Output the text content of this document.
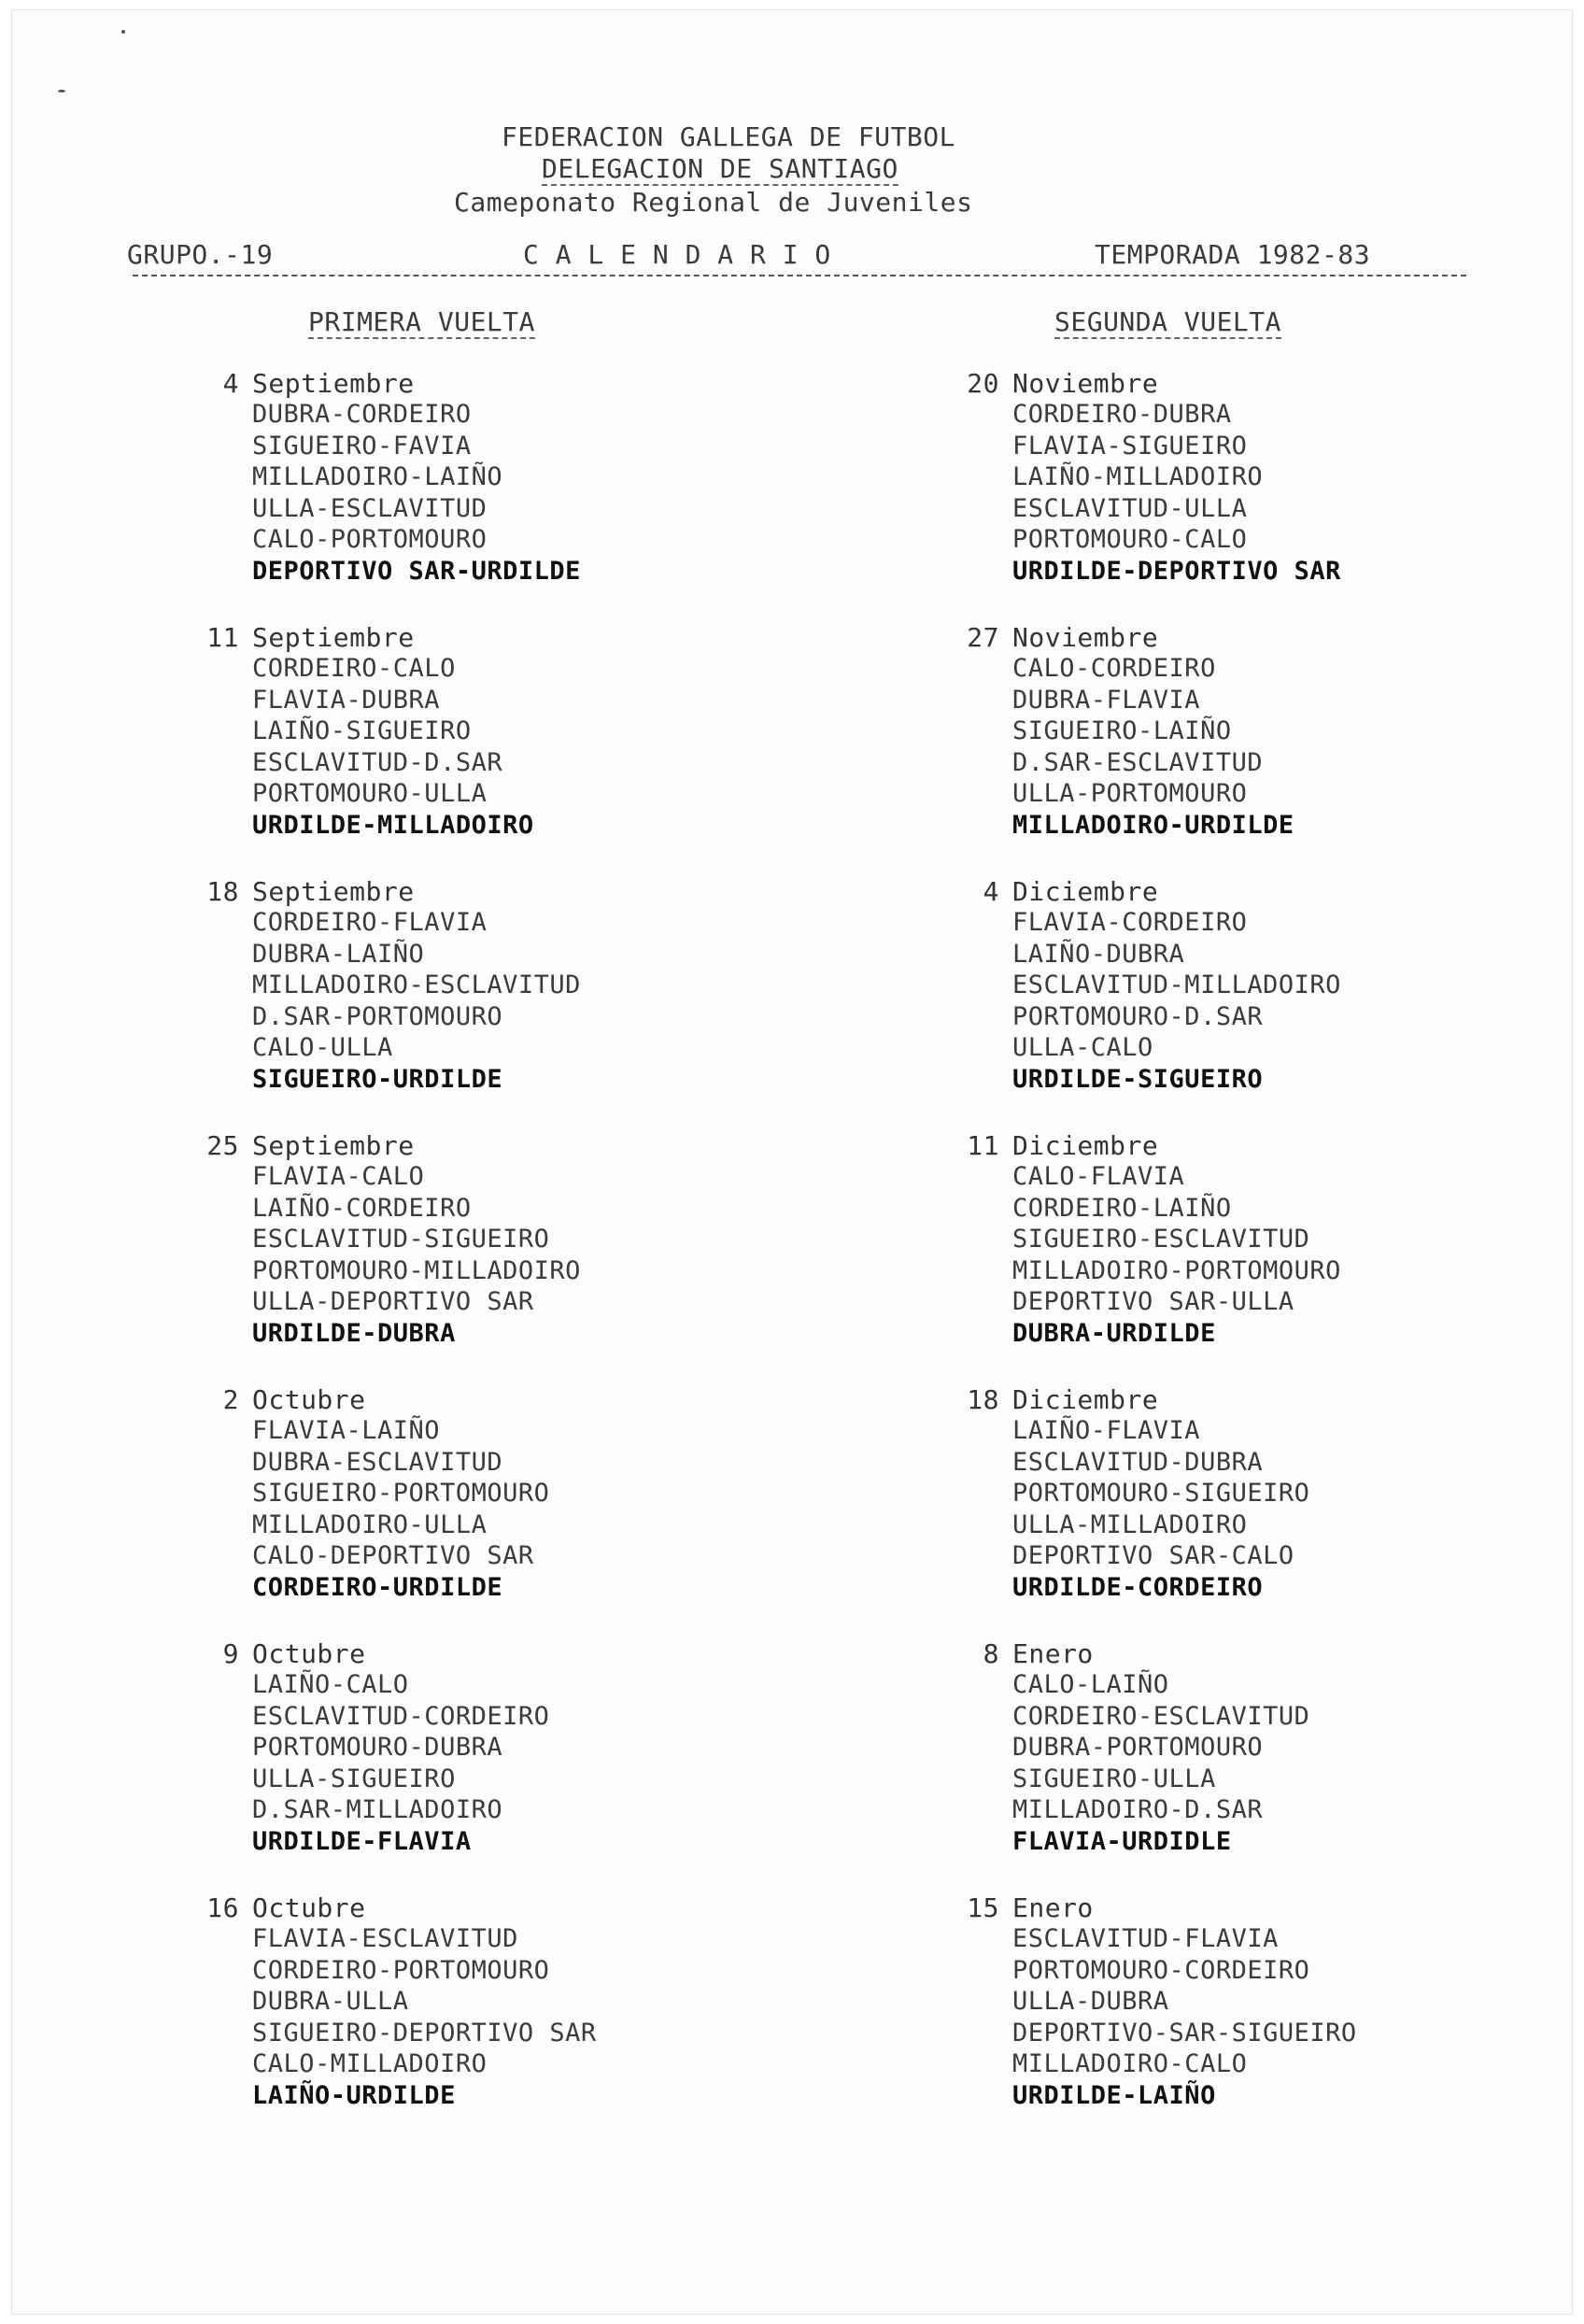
FEDERACION GALLEGA DE FUTBOL
DELEGACION DE SANTIAGO
Cameponato Regional de Juveniles
GRUPO.-19	C A L E N D A R I O	TEMPORADA 1982-83
PRIMERA VUELTA	SEGUNDA VUELTA
4 Septiembre
DUBRA-CORDEIRO
SIGUEIRO-FAVIA
MILLADOIRO-LAIÑO
ULLA-ESCLAVITUD
CALO-PORTOMOURO
DEPORTIVO SAR-URDILDE
11 Septiembre
CORDEIRO-CALO
FLAVIA-DUBRA
LAIÑO-SIGUEIRO
ESCLAVITUD-D.SAR
PORTOMOURO-ULLA
URDILDE-MILLADOIRO
18 Septiembre
CORDEIRO-FLAVIA
DUBRA-LAIÑO
MILLADOIRO-ESCLAVITUD
D.SAR-PORTOMOURO
CALO-ULLA
SIGUEIRO-URDILDE
25 Septiembre
FLAVIA-CALO
LAIÑO-CORDEIRO
ESCLAVITUD-SIGUEIRO
PORTOMOURO-MILLADOIRO
ULLA-DEPORTIVO SAR
URDILDE-DUBRA
2 Octubre
FLAVIA-LAIÑO
DUBRA-ESCLAVITUD
SIGUEIRO-PORTOMOURO
MILLADOIRO-ULLA
CALO-DEPORTIVO SAR
CORDEIRO-URDILDE
9 Octubre
LAIÑO-CALO
ESCLAVITUD-CORDEIRO
PORTOMOURO-DUBRA
ULLA-SIGUEIRO
D.SAR-MILLADOIRO
URDILDE-FLAVIA
16 Octubre
FLAVIA-ESCLAVITUD
CORDEIRO-PORTOMOURO
DUBRA-ULLA
SIGUEIRO-DEPORTIVO SAR
CALO-MILLADOIRO
LAIÑO-URDILDE
20 Noviembre
CORDEIRO-DUBRA
FLAVIA-SIGUEIRO
LAIÑO-MILLADOIRO
ESCLAVITUD-ULLA
PORTOMOURO-CALO
URDILDE-DEPORTIVO SAR
27 Noviembre
CALO-CORDEIRO
DUBRA-FLAVIA
SIGUEIRO-LAIÑO
D.SAR-ESCLAVITUD
ULLA-PORTOMOURO
MILLADOIRO-URDILDE
4 Diciembre
FLAVIA-CORDEIRO
LAIÑO-DUBRA
ESCLAVITUD-MILLADOIRO
PORTOMOURO-D.SAR
ULLA-CALO
URDILDE-SIGUEIRO
11 Diciembre
CALO-FLAVIA
CORDEIRO-LAIÑO
SIGUEIRO-ESCLAVITUD
MILLADOIRO-PORTOMOURO
DEPORTIVO SAR-ULLA
DUBRA-URDILDE
18 Diciembre
LAIÑO-FLAVIA
ESCLAVITUD-DUBRA
PORTOMOURO-SIGUEIRO
ULLA-MILLADOIRO
DEPORTIVO SAR-CALO
URDILDE-CORDEIRO
8 Enero
CALO-LAIÑO
CORDEIRO-ESCLAVITUD
DUBRA-PORTOMOURO
SIGUEIRO-ULLA
MILLADOIRO-D.SAR
FLAVIA-URDIDLE
15 Enero
ESCLAVITUD-FLAVIA
PORTOMOURO-CORDEIRO
ULLA-DUBRA
DEPORTIVO-SAR-SIGUEIRO
MILLADOIRO-CALO
URDILDE-LAIÑO
